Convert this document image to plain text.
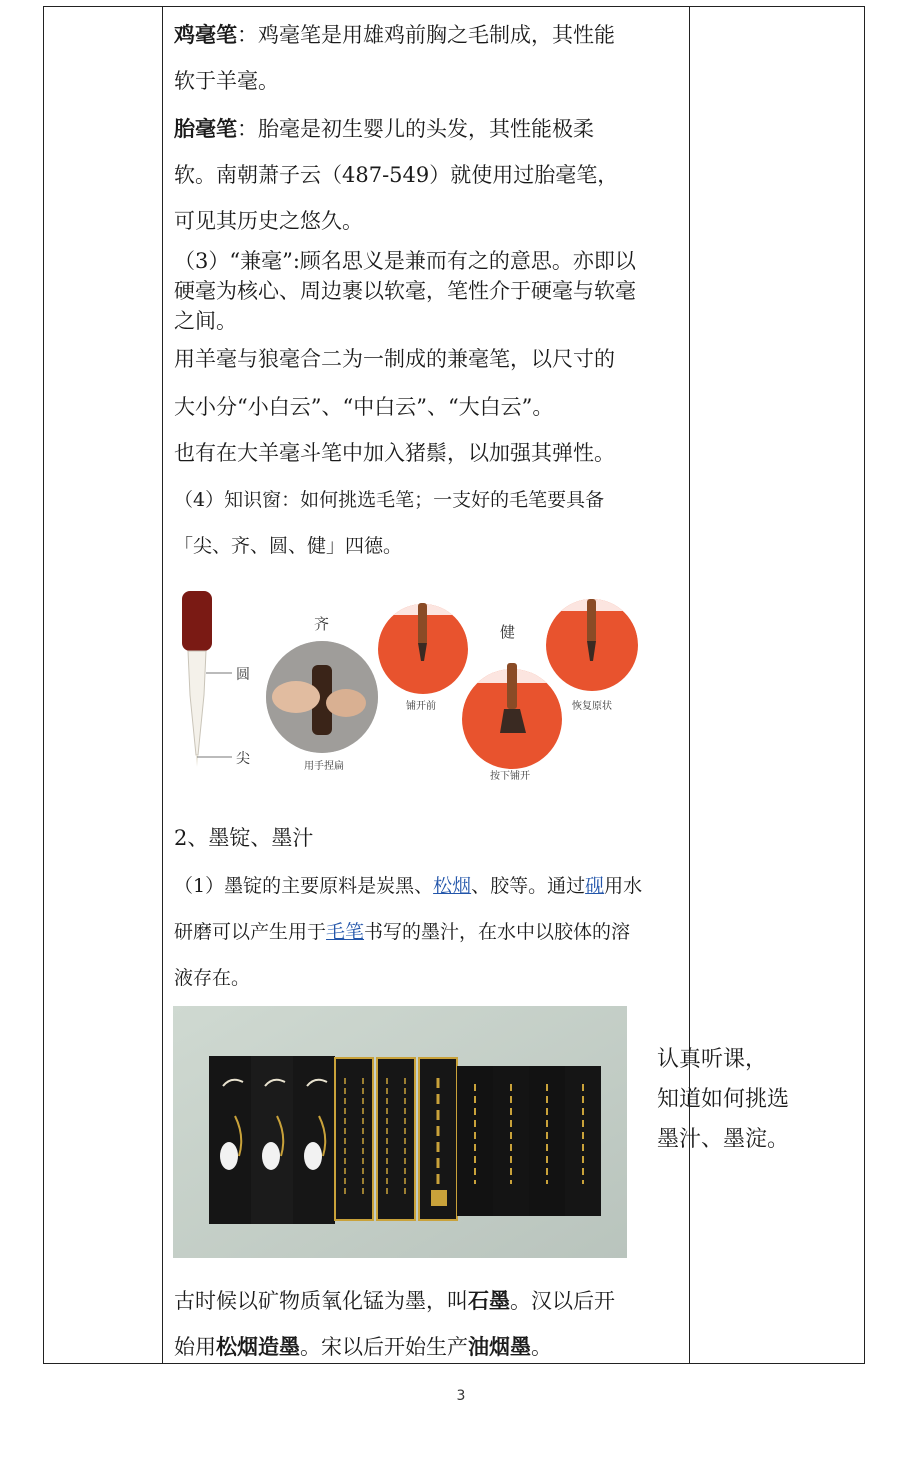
鸡毫笔：鸡毫笔是用雄鸡前胸之毛制成，其性能
软于羊毫。
胎毫笔：胎毫是初生婴儿的头发，其性能极柔
软。南朝萧子云（487-549）就使用过胎毫笔，
可见其历史之悠久。
（3）“兼毫”:顾名思义是兼而有之的意思。亦即以
硬毫为核心、周边裹以软毫，笔性介于硬毫与软毫
之间。
用羊毫与狼毫合二为一制成的兼毫笔，以尺寸的
大小分“小白云”、“中白云”、“大白云”。
也有在大羊毫斗笔中加入猪鬃，以加强其弹性。
（4）知识窗：如何挑选毛笔；一支好的毛笔要具备
「尖、齐、圆、健」四德。
2、墨锭、墨汁
（1）墨锭的主要原料是炭黑、松烟、胶等。通过砚用水
研磨可以产生用于毛笔书写的墨汁，在水中以胶体的溶
液存在。
古时候以矿物质氧化锰为墨，叫石墨。汉以后开
始用松烟造墨。宋以后开始生产油烟墨。
圆
尖
齐
用手捏扁
铺开前
健
按下铺开
恢复原状
认真听课，
知道如何挑选
墨汁、墨淀。
3
